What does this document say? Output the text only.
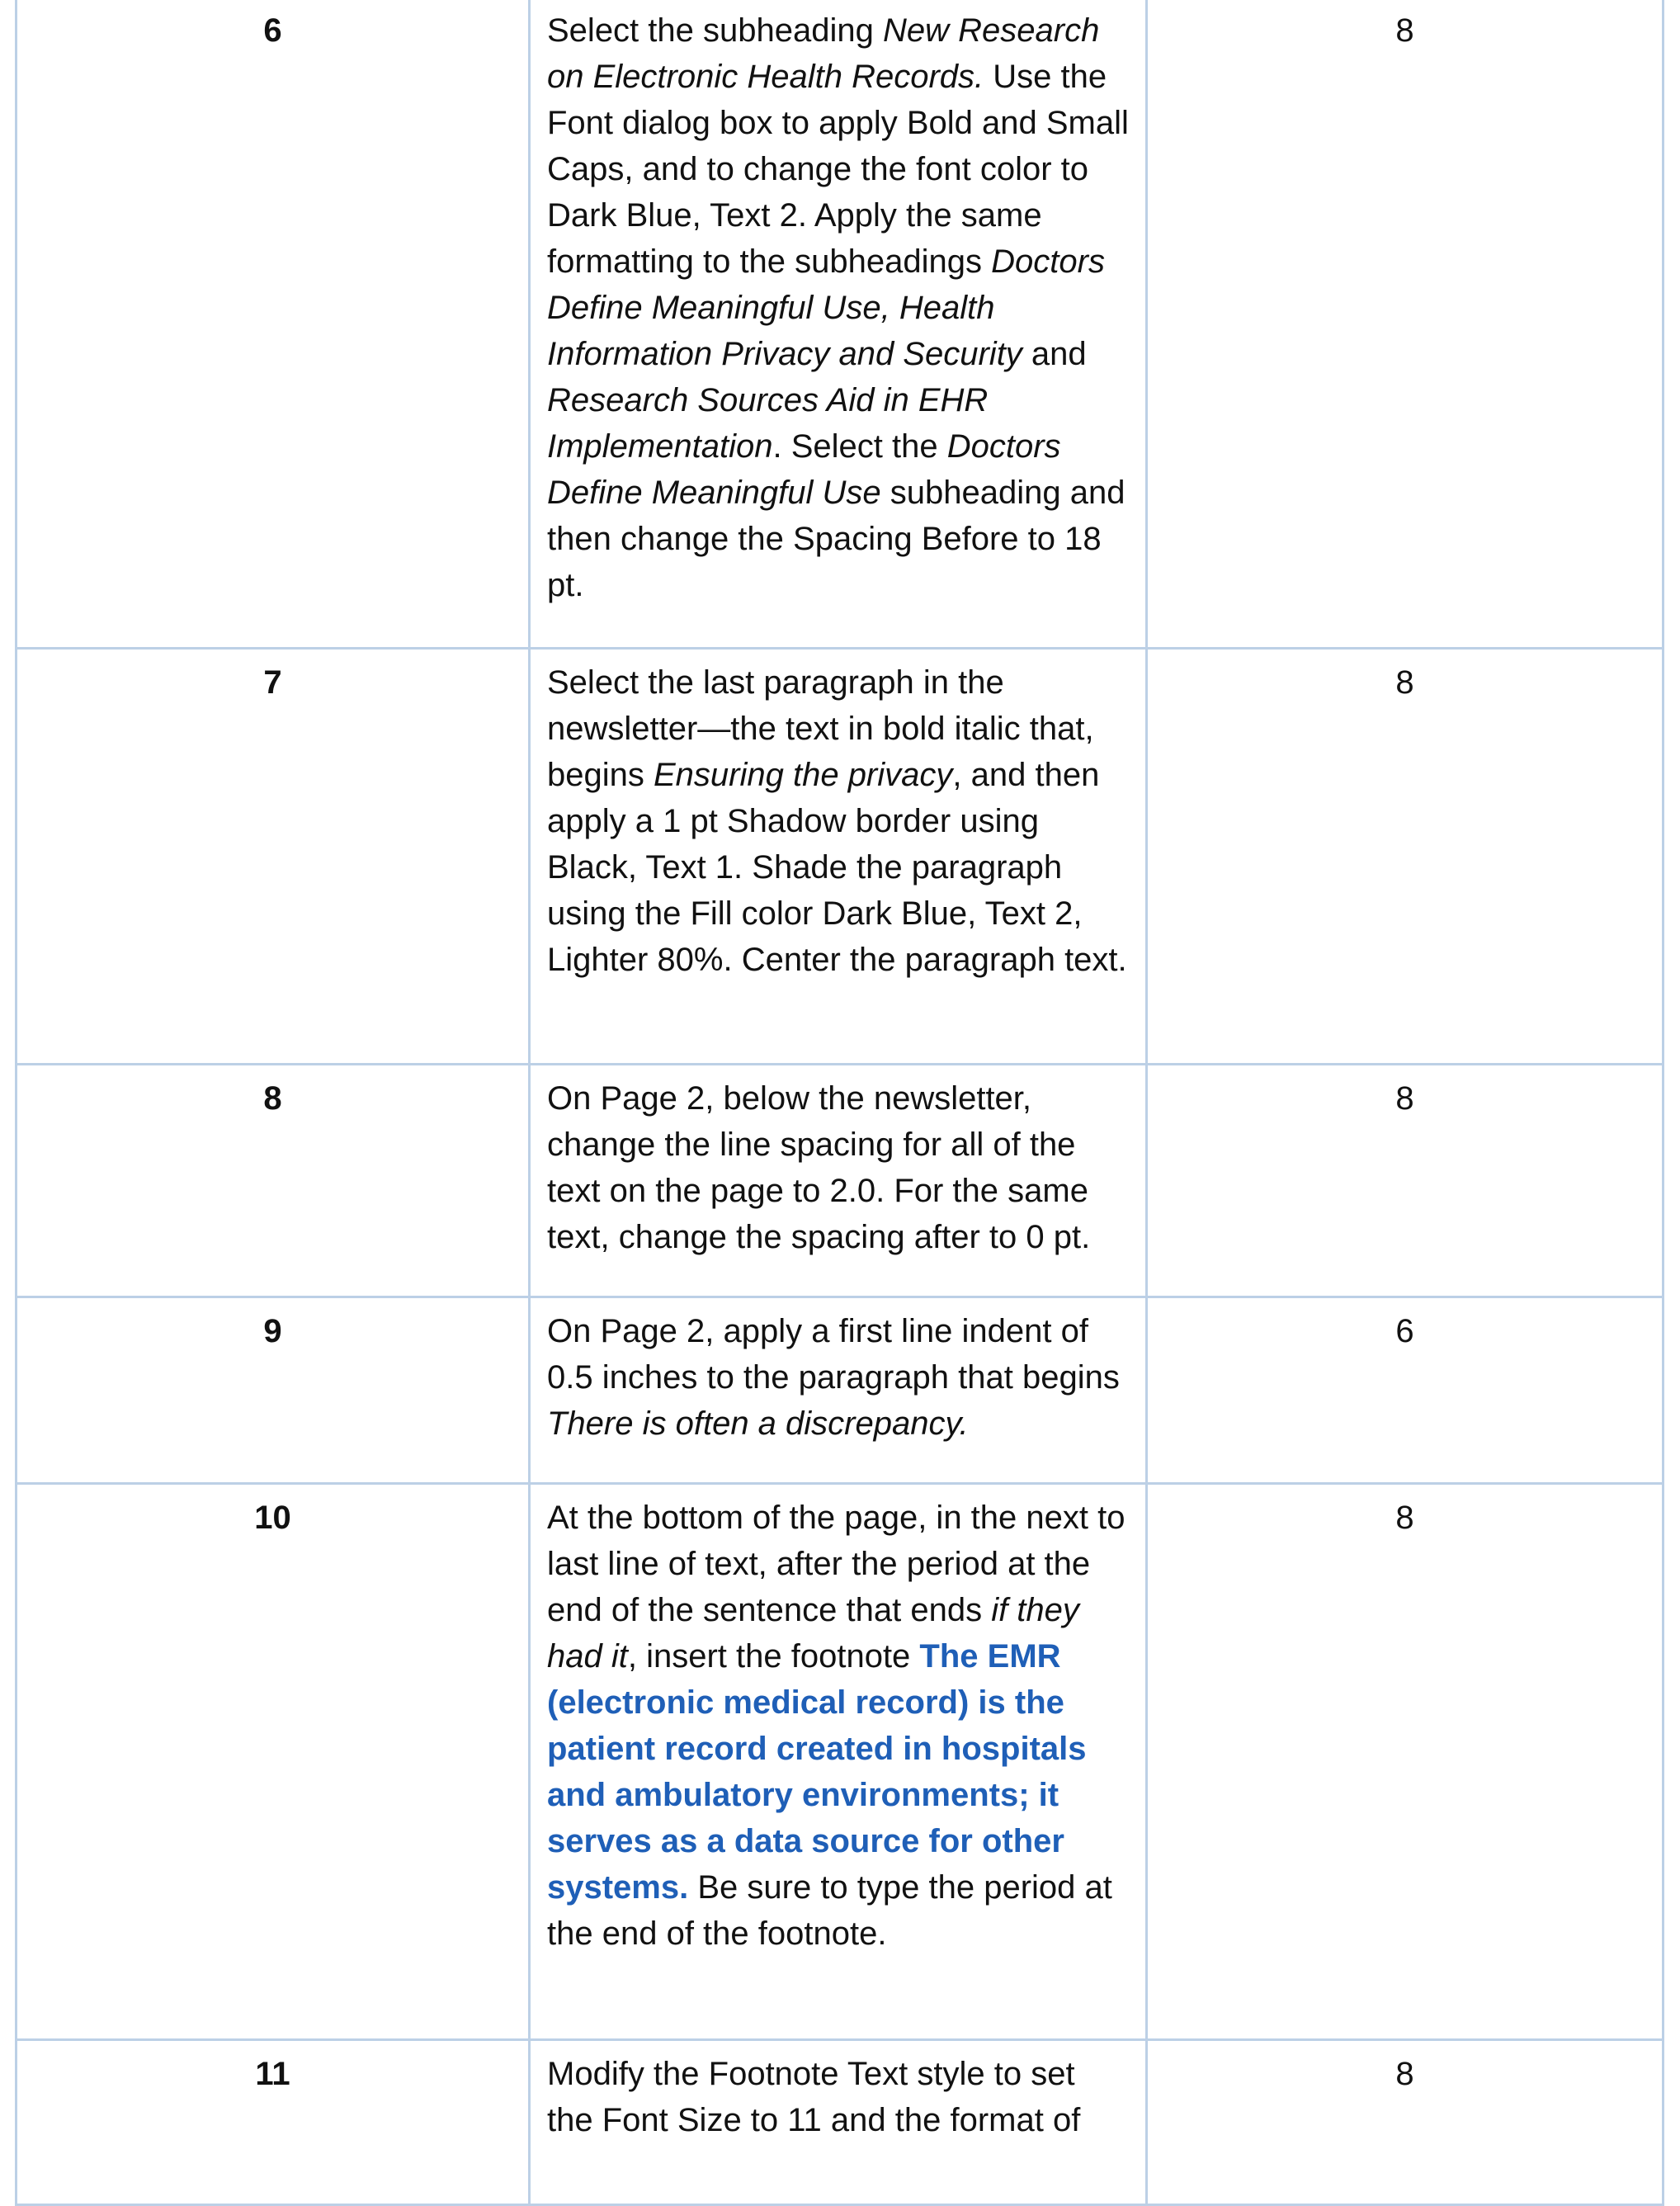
6	Select the subheading New Research on Electronic Health Records. Use the Font dialog box to apply Bold and Small Caps, and to change the font color to Dark Blue, Text 2. Apply the same formatting to the subheadings Doctors Define Meaningful Use, Health Information Privacy and Security and Research Sources Aid in EHR Implementation. Select the Doctors Define Meaningful Use subheading and then change the Spacing Before to 18 pt.	8
7	Select the last paragraph in the newsletter—the text in bold italic that, begins Ensuring the privacy, and then apply a 1 pt Shadow border using Black, Text 1. Shade the paragraph using the Fill color Dark Blue, Text 2, Lighter 80%. Center the paragraph text.	8
8	On Page 2, below the newsletter, change the line spacing for all of the text on the page to 2.0. For the same text, change the spacing after to 0 pt.	8
9	On Page 2, apply a first line indent of 0.5 inches to the paragraph that begins There is often a discrepancy.	6
10	At the bottom of the page, in the next to last line of text, after the period at the end of the sentence that ends if they had it, insert the footnote The EMR (electronic medical record) is the patient record created in hospitals and ambulatory environments; it serves as a data source for other systems. Be sure to type the period at the end of the footnote.	8
11	Modify the Footnote Text style to set the Font Size to 11 and the format of	8
